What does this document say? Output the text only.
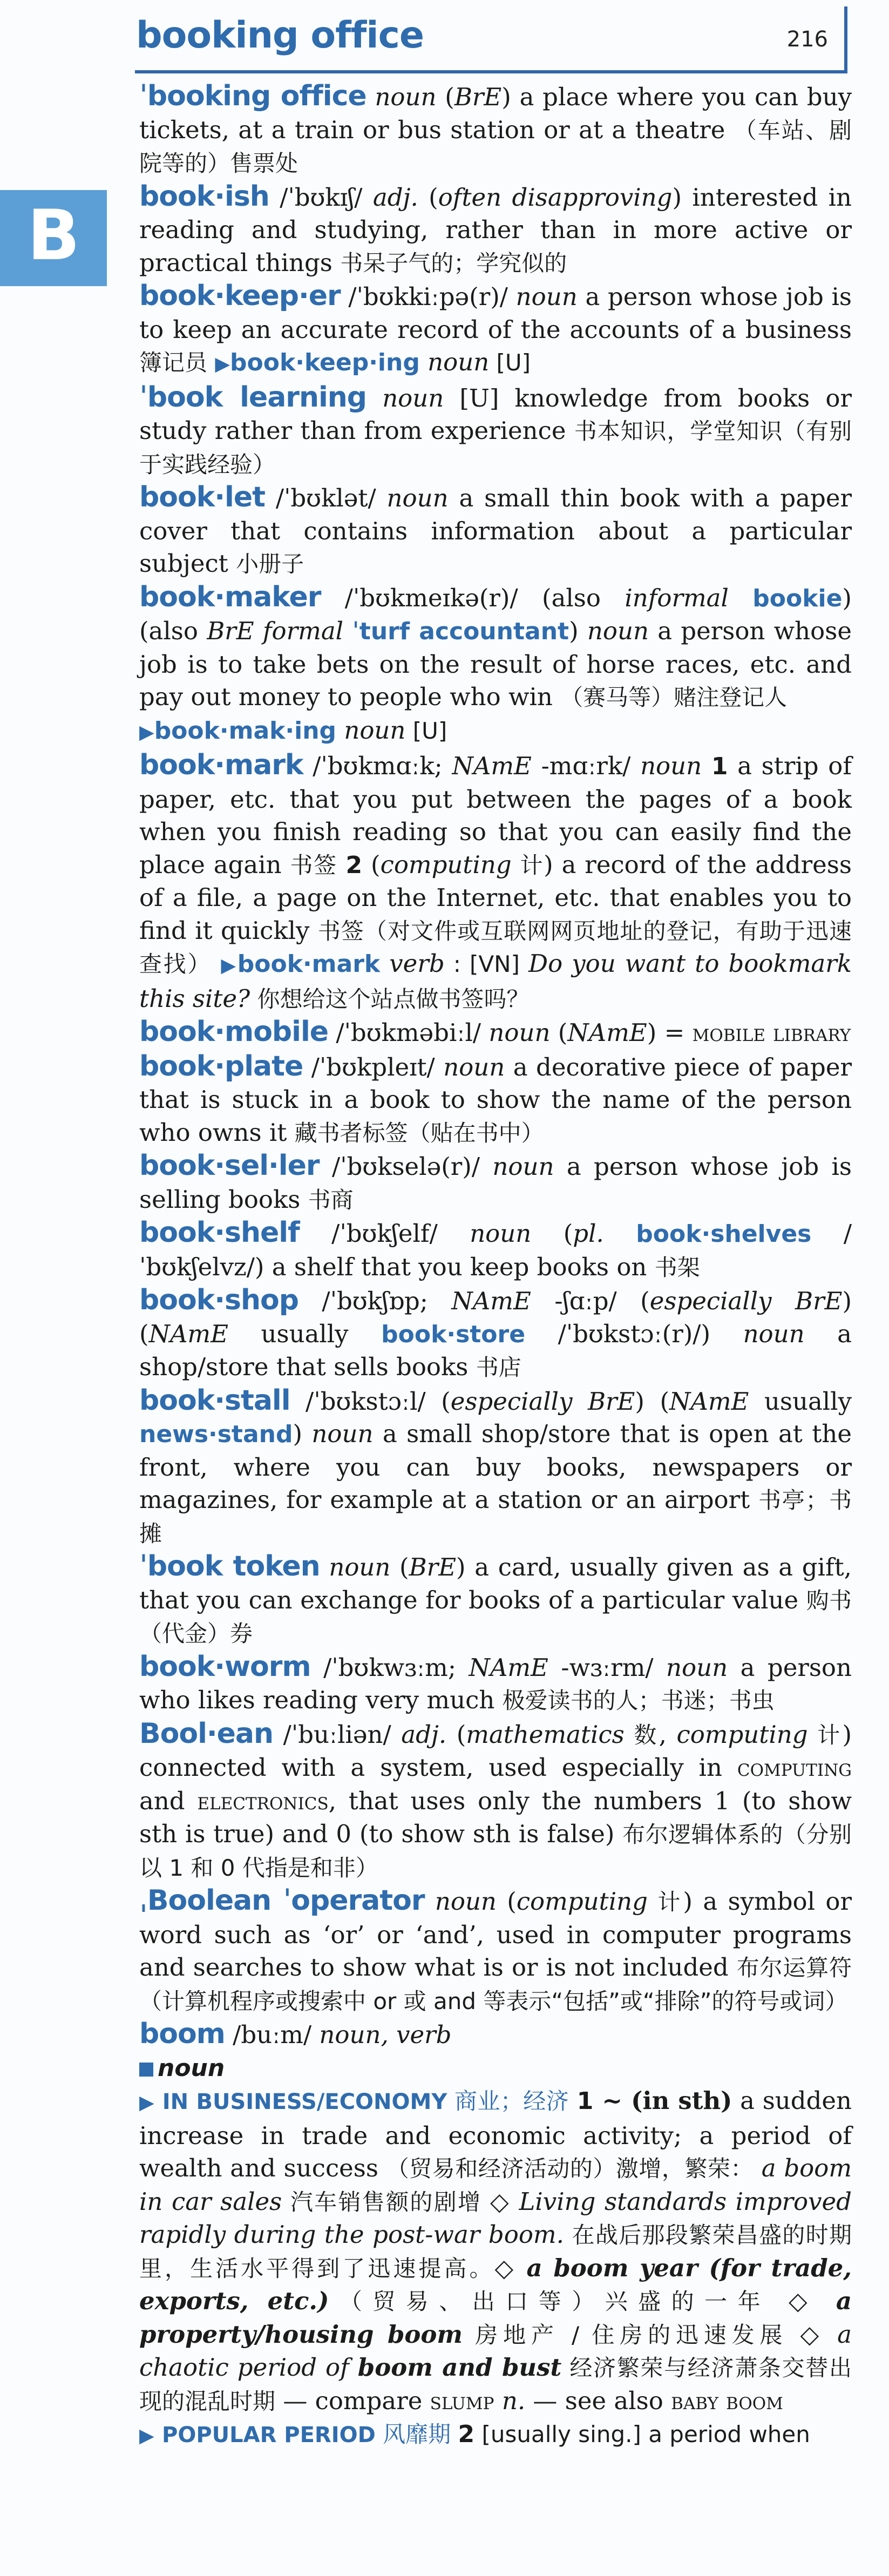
booking office	216
B

ˈbooking office noun (BrE) a place where you can buy tickets, at a train or bus station or at a theatre （车站、剧院等的）售票处

book·ish /ˈbʊkɪʃ/ adj. (often disapproving) interested in reading and studying, rather than in more active or practical things 书呆子气的；学究似的

book·keep·er /ˈbʊkkiːpə(r)/ noun a person whose job is to keep an accurate record of the accounts of a business 簿记员 ▶book·keep·ing noun [U]

ˈbook learning noun [U] knowledge from books or study rather than from experience 书本知识，学堂知识（有别于实践经验）

book·let /ˈbʊklət/ noun a small thin book with a paper cover that contains information about a particular subject 小册子

book·maker /ˈbʊkmeɪkə(r)/ (also informal bookie) (also BrE formal ˈturf accountant) noun a person whose job is to take bets on the result of horse races, etc. and pay out money to people who win （赛马等）赌注登记人
▶book·mak·ing noun [U]

book·mark /ˈbʊkmɑːk; NAmE -mɑːrk/ noun 1 a strip of paper, etc. that you put between the pages of a book when you finish reading so that you can easily find the place again 书签 2 (computing 计) a record of the address of a file, a page on the Internet, etc. that enables you to find it quickly 书签（对文件或互联网网页地址的登记，有助于迅速查找） ▶book·mark verb : [VN] Do you want to bookmark this site? 你想给这个站点做书签吗？

book·mobile /ˈbʊkməbiːl/ noun (NAmE) = mobile library

book·plate /ˈbʊkpleɪt/ noun a decorative piece of paper that is stuck in a book to show the name of the person who owns it 藏书者标签（贴在书中）

book·sel·ler /ˈbʊkselə(r)/ noun a person whose job is selling books 书商

book·shelf /ˈbʊkʃelf/ noun (pl. book·shelves /ˈbʊkʃelvz/) a shelf that you keep books on 书架

book·shop /ˈbʊkʃɒp; NAmE -ʃɑːp/ (especially BrE) (NAmE usually book·store /ˈbʊkstɔː(r)/) noun a shop/store that sells books 书店

book·stall /ˈbʊkstɔːl/ (especially BrE) (NAmE usually news·stand) noun a small shop/store that is open at the front, where you can buy books, newspapers or magazines, for example at a station or an airport 书亭；书摊

ˈbook token noun (BrE) a card, usually given as a gift, that you can exchange for books of a particular value 购书（代金）券

book·worm /ˈbʊkwɜːm; NAmE -wɜːrm/ noun a person who likes reading very much 极爱读书的人；书迷；书虫

Bool·ean /ˈbuːliən/ adj. (mathematics 数, computing 计) connected with a system, used especially in computing and electronics, that uses only the numbers 1 (to show sth is true) and 0 (to show sth is false) 布尔逻辑体系的（分别以 1 和 0 代指是和非）

ˌBoolean ˈoperator noun (computing 计) a symbol or word such as ‘or’ or ‘and’, used in computer programs and searches to show what is or is not included 布尔运算符（计算机程序或搜索中 or 或 and 等表示“包括”或“排除”的符号或词）

boom /buːm/ noun, verb
noun
▶ IN BUSINESS/ECONOMY 商业；经济 1 ~ (in sth) a sudden increase in trade and economic activity; a period of wealth and success （贸易和经济活动的）激增，繁荣： a boom in car sales 汽车销售额的剧增 ◇ Living standards improved rapidly during the post-war boom. 在战后那段繁荣昌盛的时期里，生活水平得到了迅速提高。◇ a boom year (for trade, exports, etc.)（贸易、出口等）兴盛的一年 ◇ a property/housing boom 房地产 / 住房的迅速发展 ◇ a chaotic period of boom and bust 经济繁荣与经济萧条交替出现的混乱时期 — compare slump n. — see also baby boom
▶ POPULAR PERIOD 风靡期 2 [usually sing.] a period when
